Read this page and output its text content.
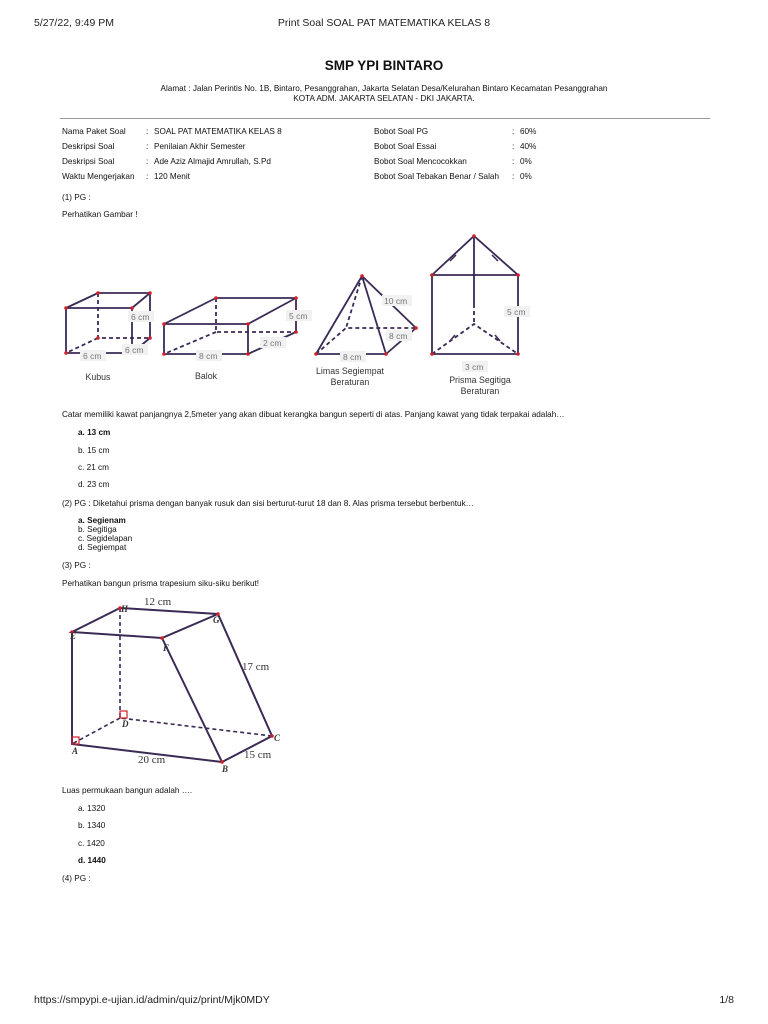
5/27/22, 9:49 PM	Print Soal SOAL PAT MATEMATIKA KELAS 8
SMP YPI BINTARO
Alamat : Jalan Perintis No. 1B, Bintaro, Pesanggrahan, Jakarta Selatan Desa/Kelurahan Bintaro Kecamatan Pesanggrahan
KOTA ADM. JAKARTA SELATAN - DKI JAKARTA.
Nama Paket Soal : SOAL PAT MATEMATIKA KELAS 8
Deskripsi Soal	: Penilaian Akhir Semester
Deskripsi Soal	: Ade Aziz Almajid Amrullah, S.Pd
Waktu Mengerjakan : 120 Menit
Bobot Soal PG	: 60%
Bobot Soal Essai	: 40%
Bobot Soal Mencocokkan	: 0%
Bobot Soal Tebakan Benar / Salah : 0%
(1) PG :
Perhatikan Gambar !
6 cm
6 cm
6 cm
5 cm
2 cm
8 cm
10 cm
8 cm
8 cm
5 cm
3 cm
Kubus	Balok	Limas Segiempat
Beraturan	Prisma Segitiga
Beraturan
Catar memiliki kawat panjangnya 2,5meter yang akan dibuat kerangka bangun seperti di atas. Panjang kawat yang tidak terpakai adalah…
a. 13 cm
b. 15 cm
c. 21 cm
d. 23 cm
(2) PG : Diketahui prisma dengan banyak rusuk dan sisi berturut-turut 18 dan 8. Alas prisma tersebut berbentuk…
a. Segienam
b. Segitiga
c. Segidelapan
d. Segiempat
(3) PG :
Perhatikan bangun prisma trapesium siku-siku berikut!
12 cm
17 cm
20 cm	15 cm
A
B
C
D
E
F
G
H
Luas permukaan bangun adalah ….
a. 1320
b. 1340
c. 1420
d. 1440
(4) PG :
https://smpypi.e-ujian.id/admin/quiz/print/Mjk0MDY	1/8
